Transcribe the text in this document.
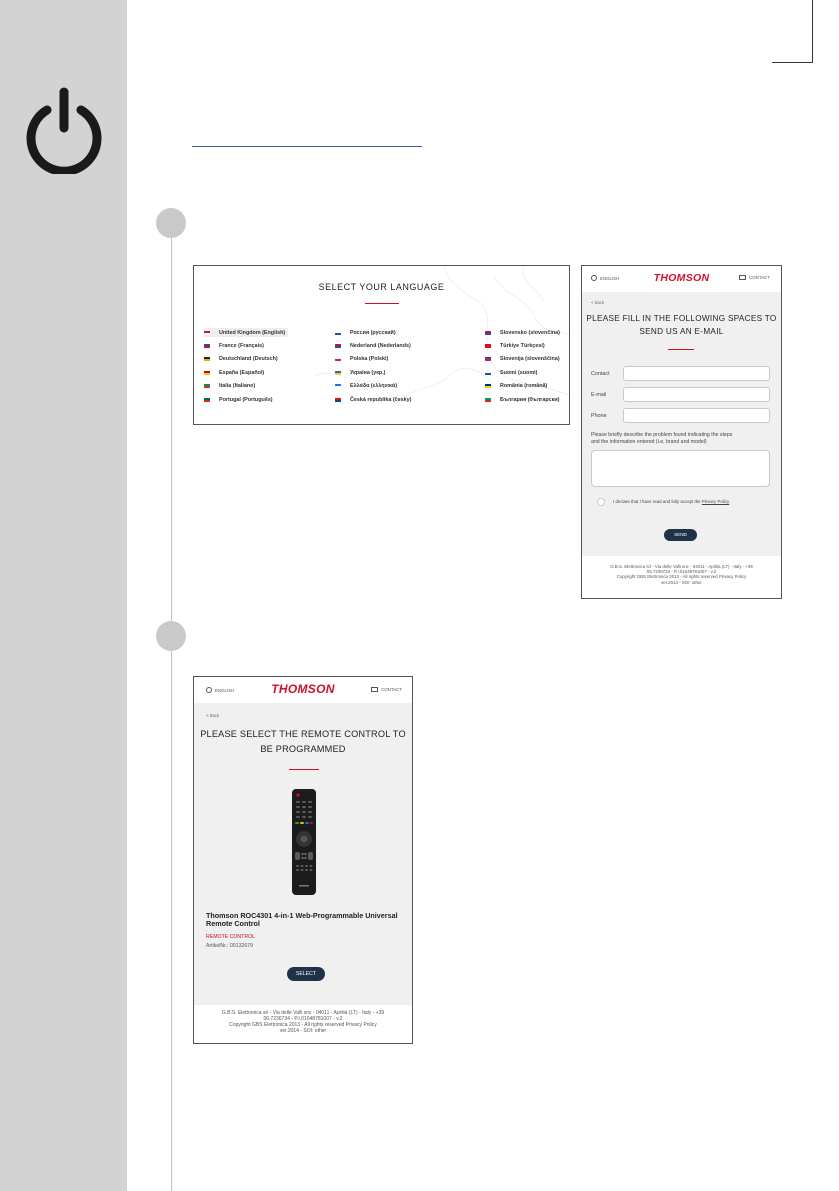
SELECT YOUR LANGUAGE
United Kingdom (English)	Россия (русский)	Slovensko (slovenčina)
France (Français)	Nederland (Nederlands)	Türkiye Türkçesi)
Deutschland (Deutsch)	Polska (Polski)	Slovenija (slovenščina)
España (Español)	Україна (укр.)	Suomi (suomi)
Italia (Italiano)	Ελλάδα (ελληνικά)	România (română)
Portugal (Português)	Česká republika (česky)	България (български)
ENGLISH	THOMSON	CONTACT
< back
PLEASE FILL IN THE FOLLOWING SPACES TO
SEND US AN E-MAIL
Contact
E-mail
Phone
Please briefly describe the problem found indicating the steps
and the information entered (i.e, brand and model)
I declare that I have read and fully accept the Privacy Policy
SEND
G.B.S. Elettronica srl - Via delle Valli snc - 04011 - Aprilia (LT) - Italy - +39
06.7236734 - P.I.01048781007 - v.2
Copyright GBS Elettronica 2013 - All rights reserved Privacy Policy
ver.2014 - SOI: other
ENGLISH	THOMSON	CONTACT
< back
PLEASE SELECT THE REMOTE CONTROL TO
BE PROGRAMMED
Thomson ROC4301 4-in-1 Web-Programmable Universal
Remote Control
REMOTE CONTROL
ArtikelNr.: 00132679
SELECT
G.B.S. Elettronica srl - Via delle Valli snc - 04011 - Aprilia (LT) - Italy - +39
06.7236734 - P.I.01048781007 - v.2
Copyright GBS Elettronica 2013 - All rights reserved Privacy Policy
ver.2014 - SOI: other
